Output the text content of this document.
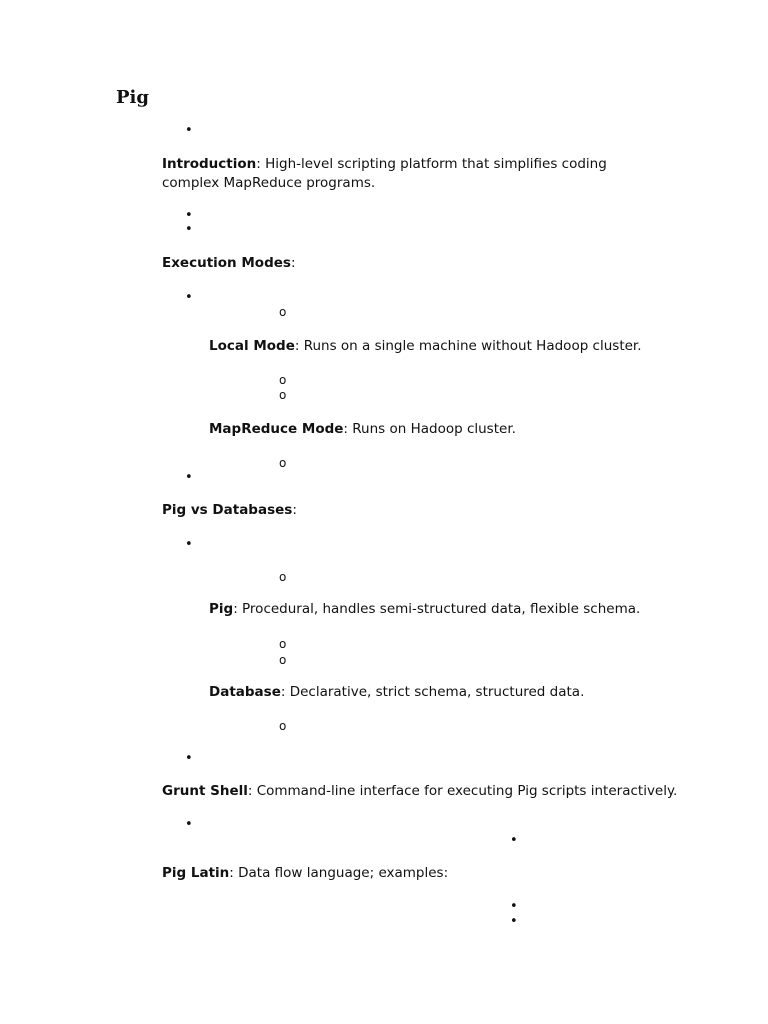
Pig
•
Introduction: High-level scripting platform that simplifies coding complex MapReduce programs.
•
•
Execution Modes:
•
o
Local Mode: Runs on a single machine without Hadoop cluster.
o
o
MapReduce Mode: Runs on Hadoop cluster.
o
•
Pig vs Databases:
•
o
Pig: Procedural, handles semi-structured data, flexible schema.
o
o
Database: Declarative, strict schema, structured data.
o
•
Grunt Shell: Command-line interface for executing Pig scripts interactively.
•
•
Pig Latin: Data flow language; examples:
•
•
